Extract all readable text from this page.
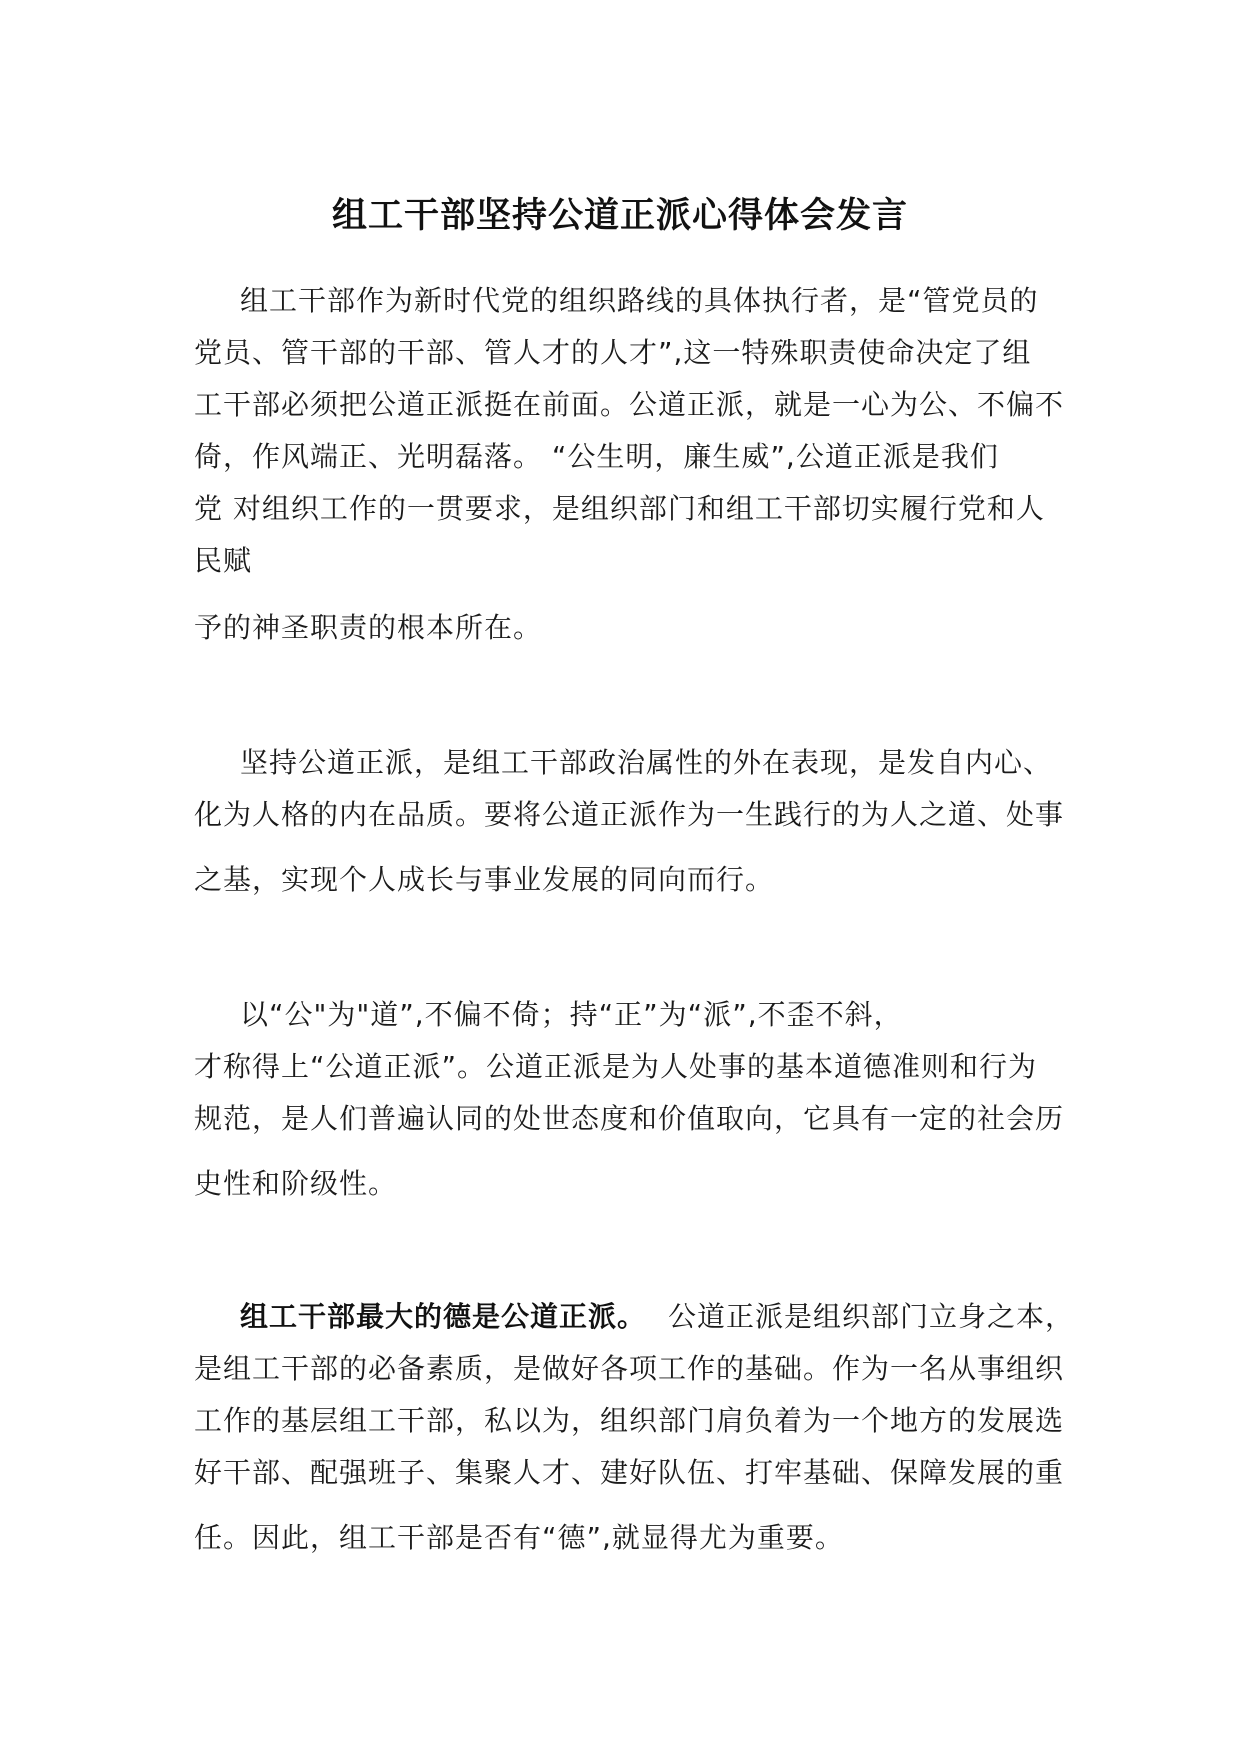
组工干部坚持公道正派心得体会发言

组工干部作为新时代党的组织路线的具体执行者，是“管党员的

党员、管干部的干部、管人才的人才”,这一特殊职责使命决定了组

工干部必须把公道正派挺在前面。公道正派，就是一心为公、不偏不

倚，作风端正、光明磊落。 “公生明，廉生威”,公道正派是我们

党 对组织工作的一贯要求，是组织部门和组工干部切实履行党和人

民赋

予的神圣职责的根本所在。

坚持公道正派，是组工干部政治属性的外在表现，是发自内心、

化为人格的内在品质。要将公道正派作为一生践行的为人之道、处事

之基，实现个人成长与事业发展的同向而行。

以“公"为"道”,不偏不倚；持“正”为“派”,不歪不斜，

才称得上“公道正派”。公道正派是为人处事的基本道德准则和行为

规范，是人们普遍认同的处世态度和价值取向，它具有一定的社会历

史性和阶级性。

组工干部最大的德是公道正派。 公道正派是组织部门立身之本，

是组工干部的必备素质，是做好各项工作的基础。作为一名从事组织

工作的基层组工干部，私以为，组织部门肩负着为一个地方的发展选

好干部、配强班子、集聚人才、建好队伍、打牢基础、保障发展的重

任。因此，组工干部是否有“德”,就显得尤为重要。
